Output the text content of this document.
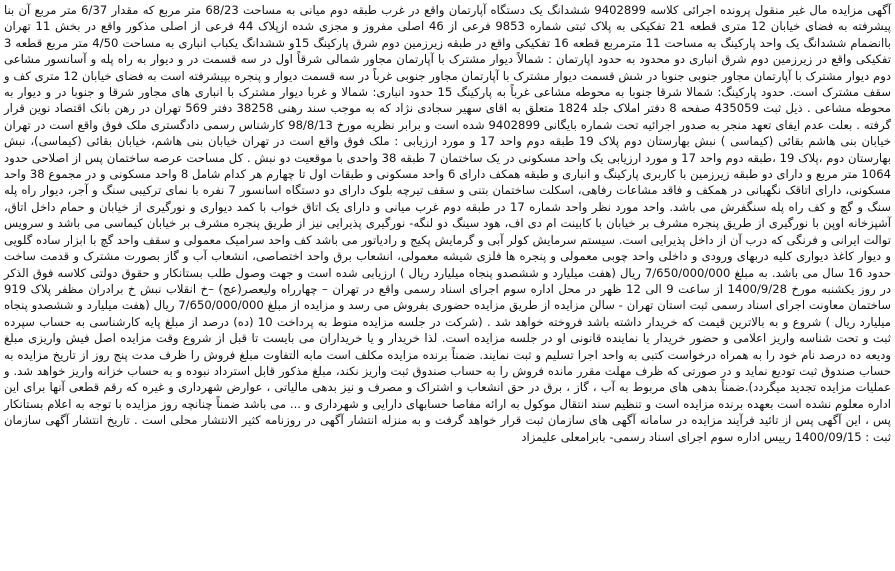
آگهی مزایده مال غیر منقول پرونده اجرائی کلاسه 9402899 ششدانگ یک دستگاه آپارتمان واقع در غرب طبقه دوم میانی به مساحت 68/23 متر مربع که مقدار 6/37 متر مربع آن بنا پیشرفته به فضای خیابان 12 متری قطعه 21 تفکیکی به پلاک ثبتی شماره 9853 فرعی از 46 اصلی مفروز و مجزی شده ازپلاک 44 فرعی از اصلی مذکور واقع در بخش 11 تهران باانضمام ششدانگ یک واحد پارکینگ به مساحت 11 مترمربع قطعه 16 تفکیکی واقع در طبقه زیرزمین دوم شرق پارکینگ 15و ششدانگ یکباب انباری به مساحت 4/50 متر مربع قطعه 3 تفکیکی واقع در زیرزمین دوم شرق انباری دو محدود به حدود اپارتمان : شمالاً دیوار مشترک با آپارتمان مجاور شمالی شرقاً اول در سه قسمت در و دیوار به راه پله و آسانسور مشاعی دوم دیوار مشترک با آپارتمان مجاور جنوبی جنوبا در شش قسمت دیوار مشترک با آپارتمان مجاور جنوبی غرباً در سه قسمت دیوار و پنجره بپیشرفته است به فضای خیابان 12 متری کف و سقف مشترک است. حدود پارکینگ: شمالا شرقا جنوبا به محوطه مشاعی غرباً به پارکینگ 15 حدود انباری: شمالا و غربا دیوار مشترک با انباری های مجاور شرقا و جنوبا در و دیوار به محوطه مشاعی . ذیل ثبت 435059 صفحه 8 دفتر املاک جلد 1824 متعلق به اقای سهیر سجادی نژاد که به موجب سند رهنی 38258 دفتر 569 تهران در رهن بانک اقتصاد نوین قرار گرفته . بعلت عدم ایفای تعهد منجر به صدور اجرائیه تحت شماره بایگانی 9402899 شده است و برابر نظریه مورخ 98/8/13 کارشناس رسمی دادگستری ملک فوق واقع است در تهران خیابان بنی هاشم بقائی (کیماسی ) نبش بهارستان دوم پلاک 19 طبقه دوم واحد 17 و مورد ارزیابی : ملک فوق واقع است در تهران خیابان بنی هاشم، خیابان بقائی (کیماسی)، نبش بهارستان دوم ،پلاک 19 ،طبقه دوم واحد 17 و مورد ارزیابی یک واحد مسکونی در یک ساختمان 7 طبقه 38 واحدی با موقعیت دو نبش . کل مساحت عرصه ساختمان پس از اصلاحی حدود 1064 متر مربع و دارای دو طبقه زیرزمین با کاربری پارکینگ و انباری و طبقه همکف دارای 6 واحد مسکونی و طبقات اول تا چهارم هر کدام شامل 8 واحد مسکونی و در مجموع 38 واحد مسکونی، دارای اتاقک نگهبانی در همکف و فاقد مشاعات رفاهی، اسکلت ساختمان بتنی و سقف تیرچه بلوک دارای دو دستگاه اسانسور 7 نفره با نمای ترکیبی سنگ و آجر، دیوار راه پله سنگ و گچ و کف راه پله سنگفرش می باشد. واحد مورد نظر واحد شماره 17 در طبقه دوم غرب میانی و دارای یک اتاق خواب با کمد دیواری و نورگیری از خیابان و حمام داخل اتاق، آشپزخانه اوپن با نورگیری از طریق پنجره مشرف بر خیابان با کابینت ام دی اف، هود سینگ دو لنگه- نورگیری پذیرایی نیز از طریق پنجره مشرف بر خیابان کیماسی می باشد و سرویس توالت ایرانی و فرنگی که درب آن از داخل پذیرایی است. سیستم سرمایش کولر آبی و گرمایش پکیج و رادیاتور می باشد کف واحد سرامیک معمولی و سقف واحد گچ با ابزار ساده گلویی و دیوار کاغذ دیواری کلیه دربهای ورودی و داخلی واحد چوبی معمولی و پنجره ها فلزی شیشه معمولی، انشعاب برق واحد اختصاصی، انشعاب آب و گاز بصورت مشترک و قدمت ساخت حدود 16 سال می باشد. به مبلغ 7/650/000/000 ریال (هفت میلیارد و ششصدو پنجاه میلیارد ریال ) ارزیابی شده است و جهت وصول طلب بستانکار و حقوق دولتی کلاسه فوق الذکر در روز یکشنبه مورخ 1400/9/28 از ساعت 9 الی 12 ظهر در محل اداره سوم اجرای اسناد رسمی واقع در تهران – چهارراه ولیعصر(عج) –خ انقلاب نبش خ برادران مظفر پلاک 919 ساختمان معاونت اجرای اسناد رسمی ثبت استان تهران - سالن مزایده از طریق مزایده حضوری بفروش می رسد و مزایده از مبلغ 7/650/000/000 ریال (هفت میلیارد و ششصدو پنجاه میلیارد ریال ) شروع و به بالاترین قیمت که خریدار داشته باشد فروخته خواهد شد . (شرکت در جلسه مزایده منوط به پرداخت 10 (ده) درصد از مبلغ پایه کارشناسی به حساب سپرده ثبت و تحت شناسه واریز اعلامی و حضور خریدار یا نماینده قانونی او در جلسه مزایده است. لذا خریدار و یا خریداران می بایست تا قبل از شروع وقت مزایده اصل فیش واریزی مبلغ ودیعه ده درصد نام خود را به همراه درخواست کتبی به واحد اجرا تسلیم و ثبت نمایند. ضمناً برنده مزایده مکلف است مابه التفاوت مبلغ فروش را ظرف مدت پنج روز از تاریخ مزایده به حساب صندوق ثبت تودیع نماید و در صورتی که ظرف مهلت مقرر مانده فروش را به حساب صندوق ثبت واریز نکند، مبلغ مذکور قابل استرداد نبوده و به حساب خزانه واریز خواهد شد. و عملیات مزایده تجدید میگردد).ضمناً بدهی های مربوط به آب ، گاز ، برق در حق انشعاب و اشتراک و مصرف و نیز بدهی مالیاتی ، عوارض شهرداری و غیره که رقم قطعی آنها برای این اداره معلوم نشده است بعهده برنده مزایده است و تنظیم سند انتقال موکول به ارائه مفاصا حسابهای دارایی و شهرداری و ... می باشد ضمناً چنانچه روز مزایده با توجه به اعلام بستانکار پس ، این آگهی پس از تائید فرآیند مزایده در سامانه آگهی های سازمان ثبت قرار خواهد گرفت و به منزله انتشار آگهی در روزنامه کثیر الانتشار محلی است . تاریخ انتشار آگهی سازمان ثبت : 1400/09/15 رییس اداره سوم اجرای اسناد رسمی- بابرامعلی علیمزاد
